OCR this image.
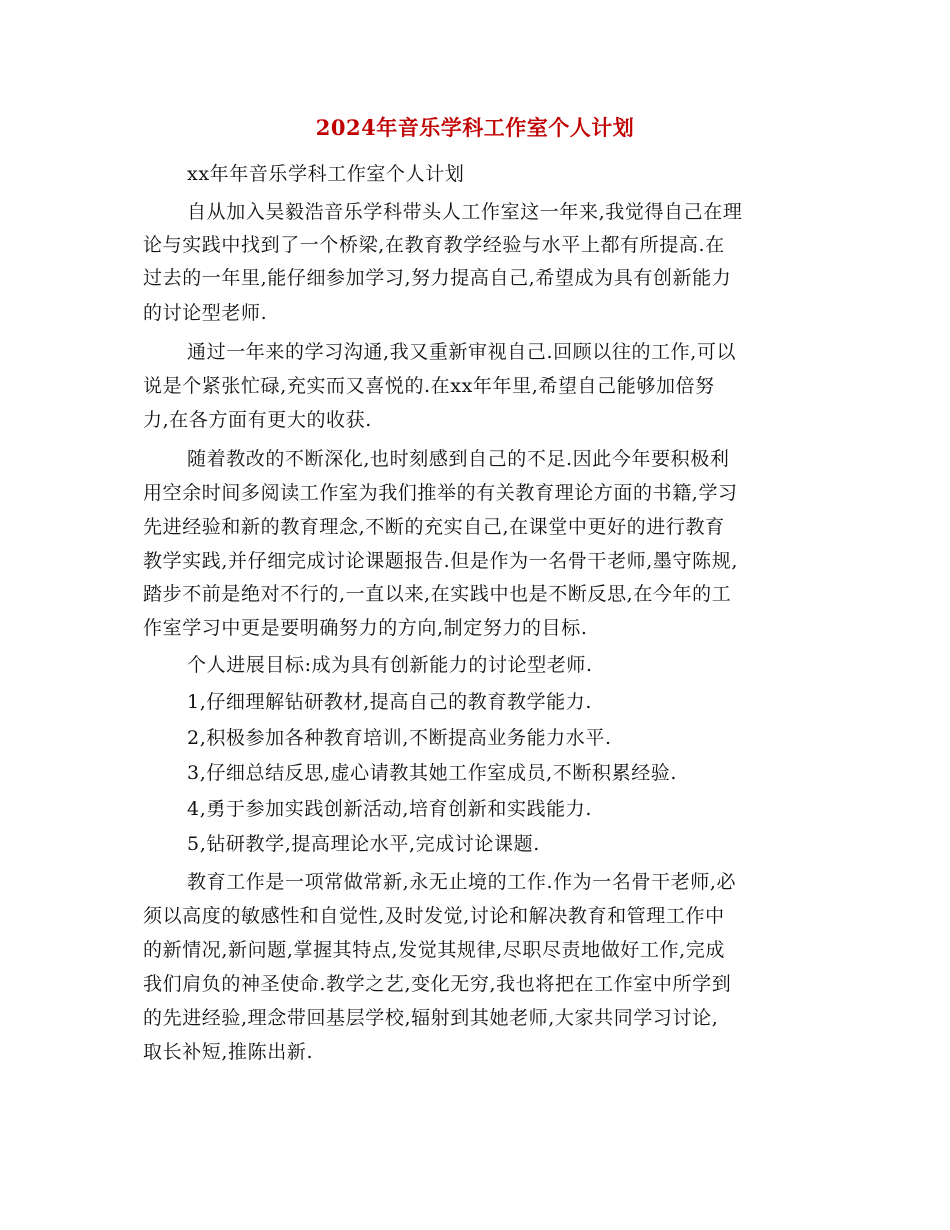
2024年音乐学科工作室个人计划
xx年年音乐学科工作室个人计划
自从加入吴毅浩音乐学科带头人工作室这一年来,我觉得自己在理
论与实践中找到了一个桥梁,在教育教学经验与水平上都有所提高.在
过去的一年里,能仔细参加学习,努力提高自己,希望成为具有创新能力
的讨论型老师.
通过一年来的学习沟通,我又重新审视自己.回顾以往的工作,可以
说是个紧张忙碌,充实而又喜悦的.在xx年年里,希望自己能够加倍努
力,在各方面有更大的收获.
随着教改的不断深化,也时刻感到自己的不足.因此今年要积极利
用空余时间多阅读工作室为我们推举的有关教育理论方面的书籍,学习
先进经验和新的教育理念,不断的充实自己,在课堂中更好的进行教育
教学实践,并仔细完成讨论课题报告.但是作为一名骨干老师,墨守陈规,
踏步不前是绝对不行的,一直以来,在实践中也是不断反思,在今年的工
作室学习中更是要明确努力的方向,制定努力的目标.
个人进展目标:成为具有创新能力的讨论型老师.
1,仔细理解钻研教材,提高自己的教育教学能力.
2,积极参加各种教育培训,不断提高业务能力水平.
3,仔细总结反思,虚心请教其她工作室成员,不断积累经验.
4,勇于参加实践创新活动,培育创新和实践能力.
5,钻研教学,提高理论水平,完成讨论课题.
教育工作是一项常做常新,永无止境的工作.作为一名骨干老师,必
须以高度的敏感性和自觉性,及时发觉,讨论和解决教育和管理工作中
的新情况,新问题,掌握其特点,发觉其规律,尽职尽责地做好工作,完成
我们肩负的神圣使命.教学之艺,变化无穷,我也将把在工作室中所学到
的先进经验,理念带回基层学校,辐射到其她老师,大家共同学习讨论,
取长补短,推陈出新.
